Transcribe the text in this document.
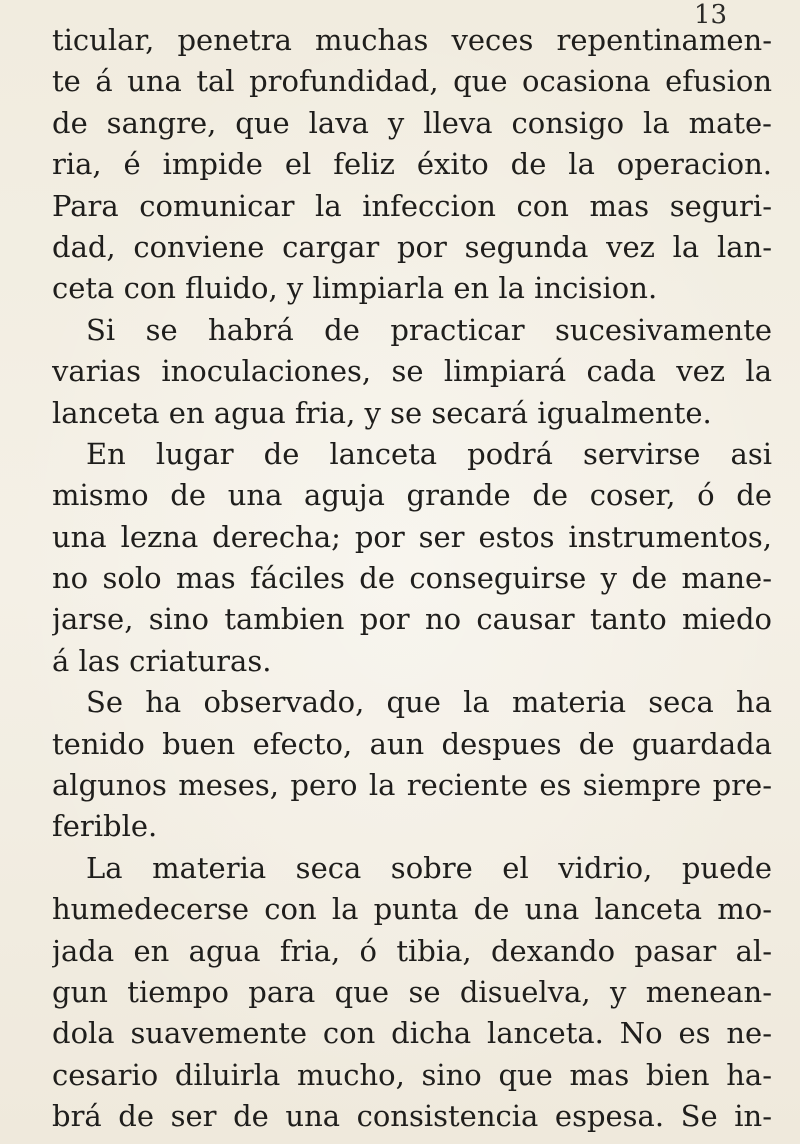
13
ticular, penetra muchas veces repentinamen-
te á una tal profundidad, que ocasiona efusion
de sangre, que lava y lleva consigo la mate-
ria, é impide el feliz éxito de la operacion.
Para comunicar la infeccion con mas seguri-
dad, conviene cargar por segunda vez la lan-
ceta con fluido, y limpiarla en la incision.
Si se habrá de practicar sucesivamente
varias inoculaciones, se limpiará cada vez la
lanceta en agua fria, y se secará igualmente.
En lugar de lanceta podrá servirse asi
mismo de una aguja grande de coser, ó de
una lezna derecha; por ser estos instrumentos,
no solo mas fáciles de conseguirse y de mane-
jarse, sino tambien por no causar tanto miedo
á las criaturas.
Se ha observado, que la materia seca ha
tenido buen efecto, aun despues de guardada
algunos meses, pero la reciente es siempre pre-
ferible.
La materia seca sobre el vidrio, puede
humedecerse con la punta de una lanceta mo-
jada en agua fria, ó tibia, dexando pasar al-
gun tiempo para que se disuelva, y menean-
dola suavemente con dicha lanceta. No es ne-
cesario diluirla mucho, sino que mas bien ha-
brá de ser de una consistencia espesa. Se in-
